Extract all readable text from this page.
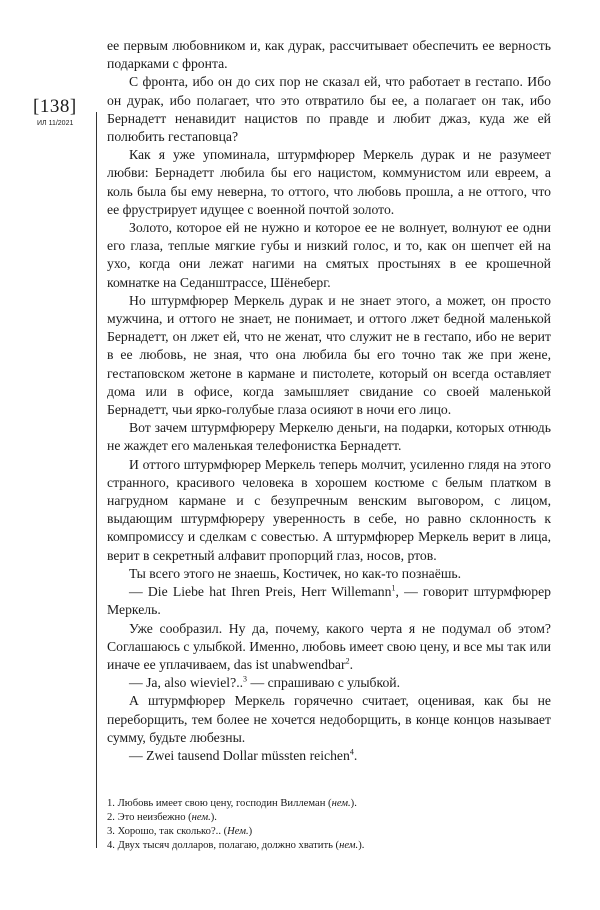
[138]
ИЛ 11/2021

ее первым любовником и, как дурак, рассчитывает обеспечить ее верность подарками с фронта.

С фронта, ибо он до сих пор не сказал ей, что работает в гестапо. Ибо он дурак, ибо полагает, что это отвратило бы ее, а полагает он так, ибо Бернадетт ненавидит нацистов по правде и любит джаз, куда же ей полюбить гестаповца?

Как я уже упоминала, штурмфюрер Меркель дурак и не разумеет любви: Бернадетт любила бы его нацистом, коммунистом или евреем, а коль была бы ему неверна, то оттого, что любовь прошла, а не оттого, что ее фрустрирует идущее с военной почтой золото.

Золото, которое ей не нужно и которое ее не волнует, волнуют ее одни его глаза, теплые мягкие губы и низкий голос, и то, как он шепчет ей на ухо, когда они лежат нагими на смятых простынях в ее крошечной комнатке на Седанштрассе, Шёнеберг.

Но штурмфюрер Меркель дурак и не знает этого, а может, он просто мужчина, и оттого не знает, не понимает, и оттого лжет бедной маленькой Бернадетт, он лжет ей, что не женат, что служит не в гестапо, ибо не верит в ее любовь, не зная, что она любила бы его точно так же при жене, гестаповском жетоне в кармане и пистолете, который он всегда оставляет дома или в офисе, когда замышляет свидание со своей маленькой Бернадетт, чьи ярко-голубые глаза осияют в ночи его лицо.

Вот зачем штурмфюреру Меркелю деньги, на подарки, которых отнюдь не жаждет его маленькая телефонистка Бернадетт.

И оттого штурмфюрер Меркель теперь молчит, усиленно глядя на этого странного, красивого человека в хорошем костюме с белым платком в нагрудном кармане и с безупречным венским выговором, с лицом, выдающим штурмфюреру уверенность в себе, но равно склонность к компромиссу и сделкам с совестью. А штурмфюрер Меркель верит в лица, верит в секретный алфавит пропорций глаз, носов, ртов.

Ты всего этого не знаешь, Костичек, но как-то познаёшь.

— Die Liebe hat Ihren Preis, Herr Willemann$^1$, — говорит штурмфюрер Меркель.

Уже сообразил. Ну да, почему, какого черта я не подумал об этом? Соглашаюсь с улыбкой. Именно, любовь имеет свою цену, и все мы так или иначе ее уплачиваем, das ist unabwendbar$^2$.

— Ja, also wieviel?..$^3$ — спрашиваю с улыбкой.

А штурмфюрер Меркель горячечно считает, оценивая, как бы не переборщить, тем более не хочется недоборщить, в конце концов называет сумму, будьте любезны.

— Zwei tausend Dollar müssten reichen$^4$.

1. Любовь имеет свою цену, господин Виллеман (нем.).
2. Это неизбежно (нем.).
3. Хорошо, так сколько?.. (Нем.)
4. Двух тысяч долларов, полагаю, должно хватить (нем.).
